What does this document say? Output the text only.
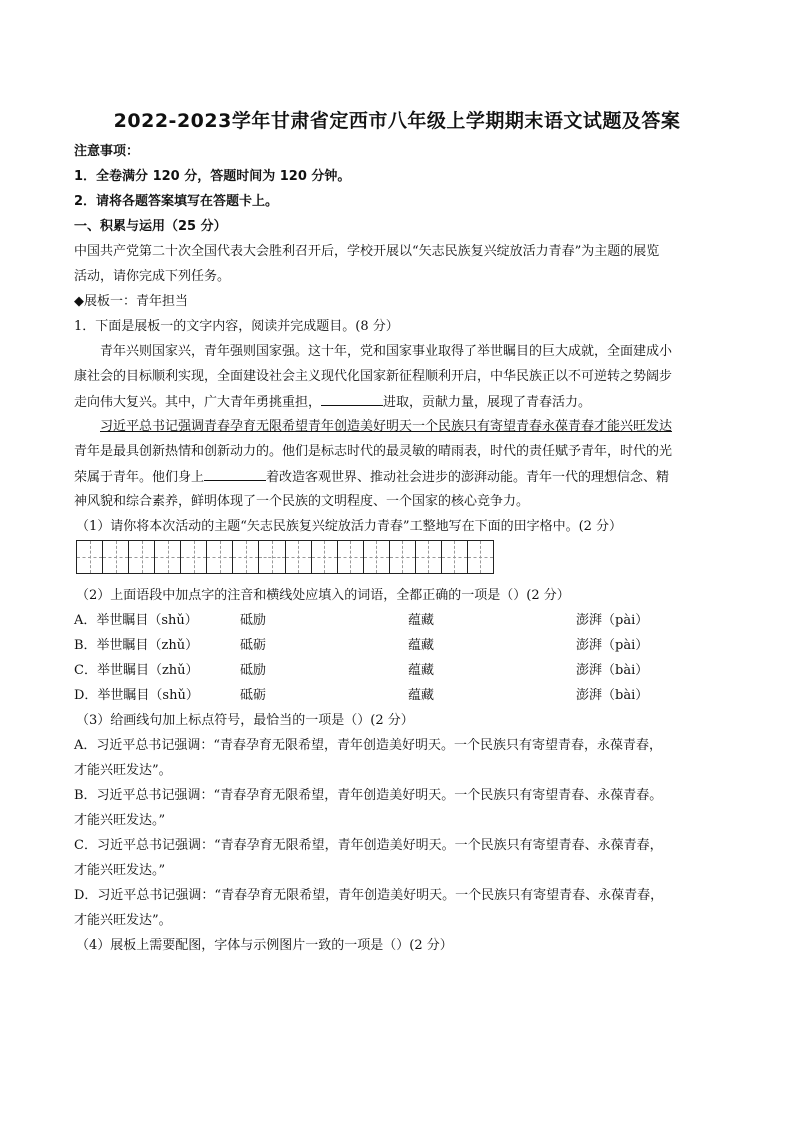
2022-2023学年甘肃省定西市八年级上学期期末语文试题及答案
注意事项：
1．全卷满分 120 分，答题时间为 120 分钟。
2．请将各题答案填写在答题卡上。
一、积累与运用（25 分）
中国共产党第二十次全国代表大会胜利召开后，学校开展以“矢志民族复兴绽放活力青春”为主题的展览
活动，请你完成下列任务。
◆展板一：青年担当
1．下面是展板一的文字内容，阅读并完成题目。(8 分）
青年兴则国家兴，青年强则国家强。这十年，党和国家事业取得了举世瞩目的巨大成就，全面建成小
康社会的目标顺利实现，全面建设社会主义现代化国家新征程顺利开启，中华民族正以不可逆转之势阔步
走向伟大复兴。其中，广大青年勇挑重担，	进取，贡献力量，展现了青春活力。
习近平总书记强调青春孕育无限希望青年创造美好明天一个民族只有寄望青春永葆青春才能兴旺发达
青年是最具创新热情和创新动力的。他们是标志时代的最灵敏的晴雨表，时代的责任赋予青年，时代的光
荣属于青年。他们身上	着改造客观世界、推动社会进步的澎湃动能。青年一代的理想信念、精
神风貌和综合素养，鲜明体现了一个民族的文明程度、一个国家的核心竞争力。
（1）请你将本次活动的主题“矢志民族复兴绽放活力青春”工整地写在下面的田字格中。(2 分）
（2）上面语段中加点字的注音和横线处应填入的词语，全都正确的一项是（）(2 分）
A．举世瞩目（shǔ）	砥励	蕴藏	澎湃（pài）
B．举世瞩目（zhǔ）	砥砺	蕴藏	澎湃（pài）
C．举世瞩目（zhǔ）	砥励	蕴藏	澎湃（bài）
D．举世瞩目（shǔ）	砥砺	蕴藏	澎湃（bài）
（3）给画线句加上标点符号，最恰当的一项是（）(2 分）
A．习近平总书记强调：“青春孕育无限希望，青年创造美好明天。一个民族只有寄望青春，永葆青春，
才能兴旺发达”。
B．习近平总书记强调：“青春孕育无限希望，青年创造美好明天。一个民族只有寄望青春、永葆青春。
才能兴旺发达。”
C．习近平总书记强调：“青春孕育无限希望，青年创造美好明天。一个民族只有寄望青春、永葆青春，
才能兴旺发达。”
D．习近平总书记强调：“青春孕育无限希望，青年创造美好明天。一个民族只有寄望青春、永葆青春，
才能兴旺发达”。
（4）展板上需要配图，字体与示例图片一致的一项是（）(2 分）
